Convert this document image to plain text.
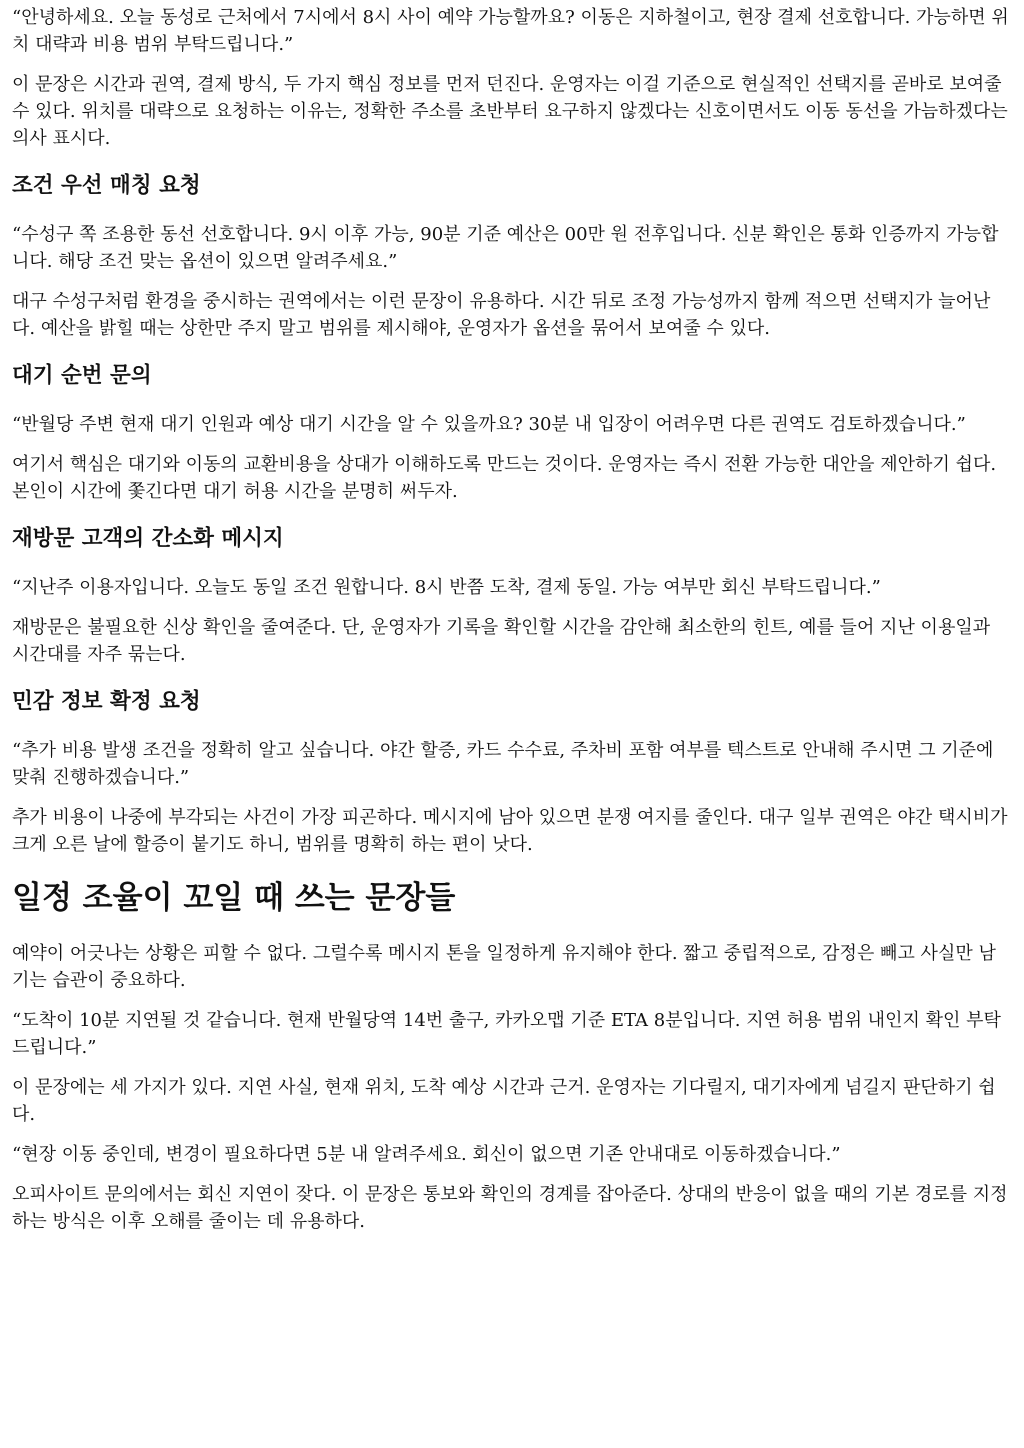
“안녕하세요. 오늘 동성로 근처에서 7시에서 8시 사이 예약 가능할까요? 이동은 지하철이고, 현장 결제 선호합니다. 가능하면 위치 대략과 비용 범위 부탁드립니다.”

이 문장은 시간과 권역, 결제 방식, 두 가지 핵심 정보를 먼저 던진다. 운영자는 이걸 기준으로 현실적인 선택지를 곧바로 보여줄 수 있다. 위치를 대략으로 요청하는 이유는, 정확한 주소를 초반부터 요구하지 않겠다는 신호이면서도 이동 동선을 가늠하겠다는 의사 표시다.

조건 우선 매칭 요청

“수성구 쪽 조용한 동선 선호합니다. 9시 이후 가능, 90분 기준 예산은 00만 원 전후입니다. 신분 확인은 통화 인증까지 가능합니다. 해당 조건 맞는 옵션이 있으면 알려주세요.”

대구 수성구처럼 환경을 중시하는 권역에서는 이런 문장이 유용하다. 시간 뒤로 조정 가능성까지 함께 적으면 선택지가 늘어난다. 예산을 밝힐 때는 상한만 주지 말고 범위를 제시해야, 운영자가 옵션을 묶어서 보여줄 수 있다.

대기 순번 문의

“반월당 주변 현재 대기 인원과 예상 대기 시간을 알 수 있을까요? 30분 내 입장이 어려우면 다른 권역도 검토하겠습니다.”

여기서 핵심은 대기와 이동의 교환비용을 상대가 이해하도록 만드는 것이다. 운영자는 즉시 전환 가능한 대안을 제안하기 쉽다. 본인이 시간에 쫓긴다면 대기 허용 시간을 분명히 써두자.

재방문 고객의 간소화 메시지

“지난주 이용자입니다. 오늘도 동일 조건 원합니다. 8시 반쯤 도착, 결제 동일. 가능 여부만 회신 부탁드립니다.”

재방문은 불필요한 신상 확인을 줄여준다. 단, 운영자가 기록을 확인할 시간을 감안해 최소한의 힌트, 예를 들어 지난 이용일과 시간대를 자주 묶는다.

민감 정보 확정 요청

“추가 비용 발생 조건을 정확히 알고 싶습니다. 야간 할증, 카드 수수료, 주차비 포함 여부를 텍스트로 안내해 주시면 그 기준에 맞춰 진행하겠습니다.”

추가 비용이 나중에 부각되는 사건이 가장 피곤하다. 메시지에 남아 있으면 분쟁 여지를 줄인다. 대구 일부 권역은 야간 택시비가 크게 오른 날에 할증이 붙기도 하니, 범위를 명확히 하는 편이 낫다.

일정 조율이 꼬일 때 쓰는 문장들

예약이 어긋나는 상황은 피할 수 없다. 그럴수록 메시지 톤을 일정하게 유지해야 한다. 짧고 중립적으로, 감정은 빼고 사실만 남기는 습관이 중요하다.

“도착이 10분 지연될 것 같습니다. 현재 반월당역 14번 출구, 카카오맵 기준 ETA 8분입니다. 지연 허용 범위 내인지 확인 부탁드립니다.”

이 문장에는 세 가지가 있다. 지연 사실, 현재 위치, 도착 예상 시간과 근거. 운영자는 기다릴지, 대기자에게 넘길지 판단하기 쉽다.

“현장 이동 중인데, 변경이 필요하다면 5분 내 알려주세요. 회신이 없으면 기존 안내대로 이동하겠습니다.”

오피사이트 문의에서는 회신 지연이 잦다. 이 문장은 통보와 확인의 경계를 잡아준다. 상대의 반응이 없을 때의 기본 경로를 지정하는 방식은 이후 오해를 줄이는 데 유용하다.
